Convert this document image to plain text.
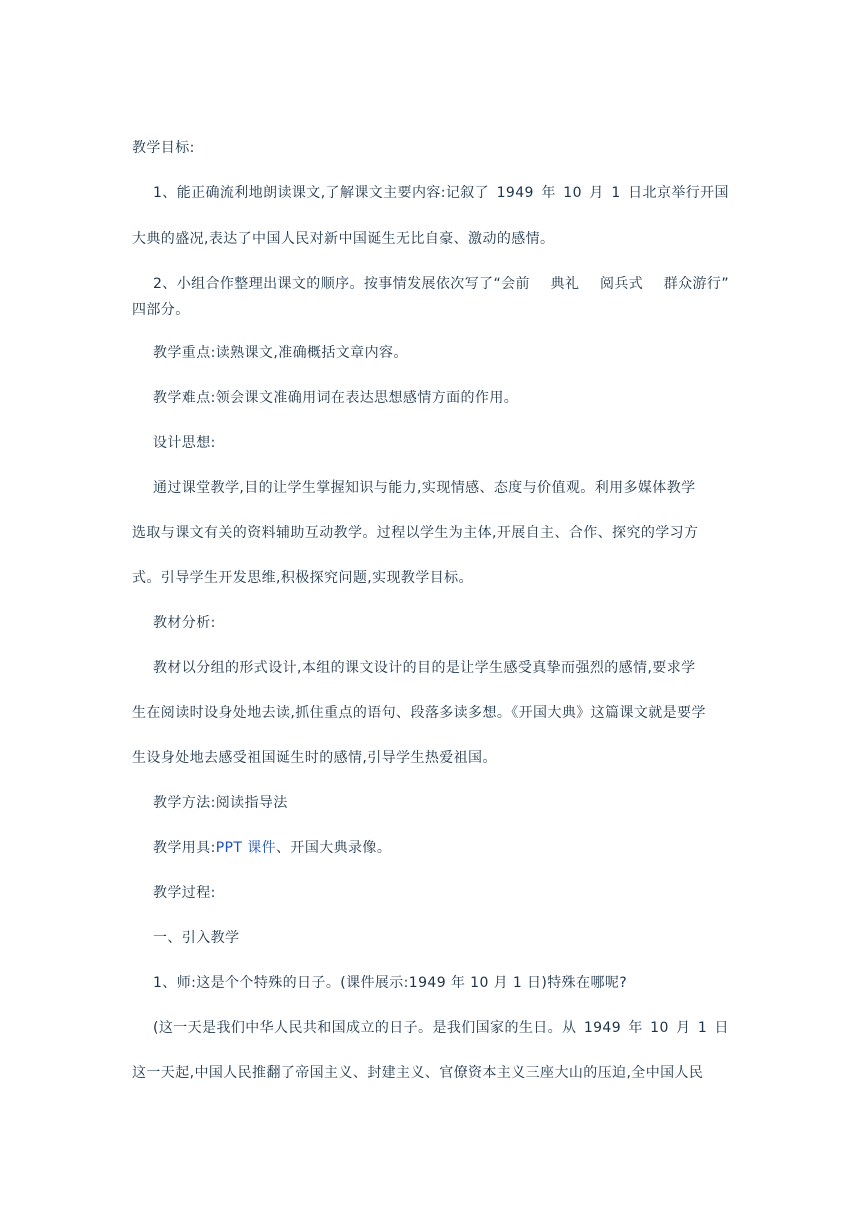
教学目标:
1、能正确流利地朗读课文,了解课文主要内容:记叙了 1949 年 10 月 1 日北京举行开国
大典的盛况,表达了中国人民对新中国诞生无比自豪、激动的感情。
2、小组合作整理出课文的顺序。按事情发展依次写了“会前 典礼 阅兵式 群众游行”
四部分。
教学重点:读熟课文,准确概括文章内容。
教学难点:领会课文准确用词在表达思想感情方面的作用。
设计思想:
通过课堂教学,目的让学生掌握知识与能力,实现情感、态度与价值观。利用多媒体教学
选取与课文有关的资料辅助互动教学。过程以学生为主体,开展自主、合作、探究的学习方
式。引导学生开发思维,积极探究问题,实现教学目标。
教材分析:
教材以分组的形式设计,本组的课文设计的目的是让学生感受真挚而强烈的感情,要求学
生在阅读时设身处地去读,抓住重点的语句、段落多读多想。《开国大典》这篇课文就是要学
生设身处地去感受祖国诞生时的感情,引导学生热爱祖国。
教学方法:阅读指导法
教学用具:PPT 课件、开国大典录像。
教学过程:
一、引入教学
1、师:这是个个特殊的日子。(课件展示:1949 年 10 月 1 日)特殊在哪呢?
(这一天是我们中华人民共和国成立的日子。是我们国家的生日。从 1949 年 10 月 1 日
这一天起,中国人民推翻了帝国主义、封建主义、官僚资本主义三座大山的压迫,全中国人民
